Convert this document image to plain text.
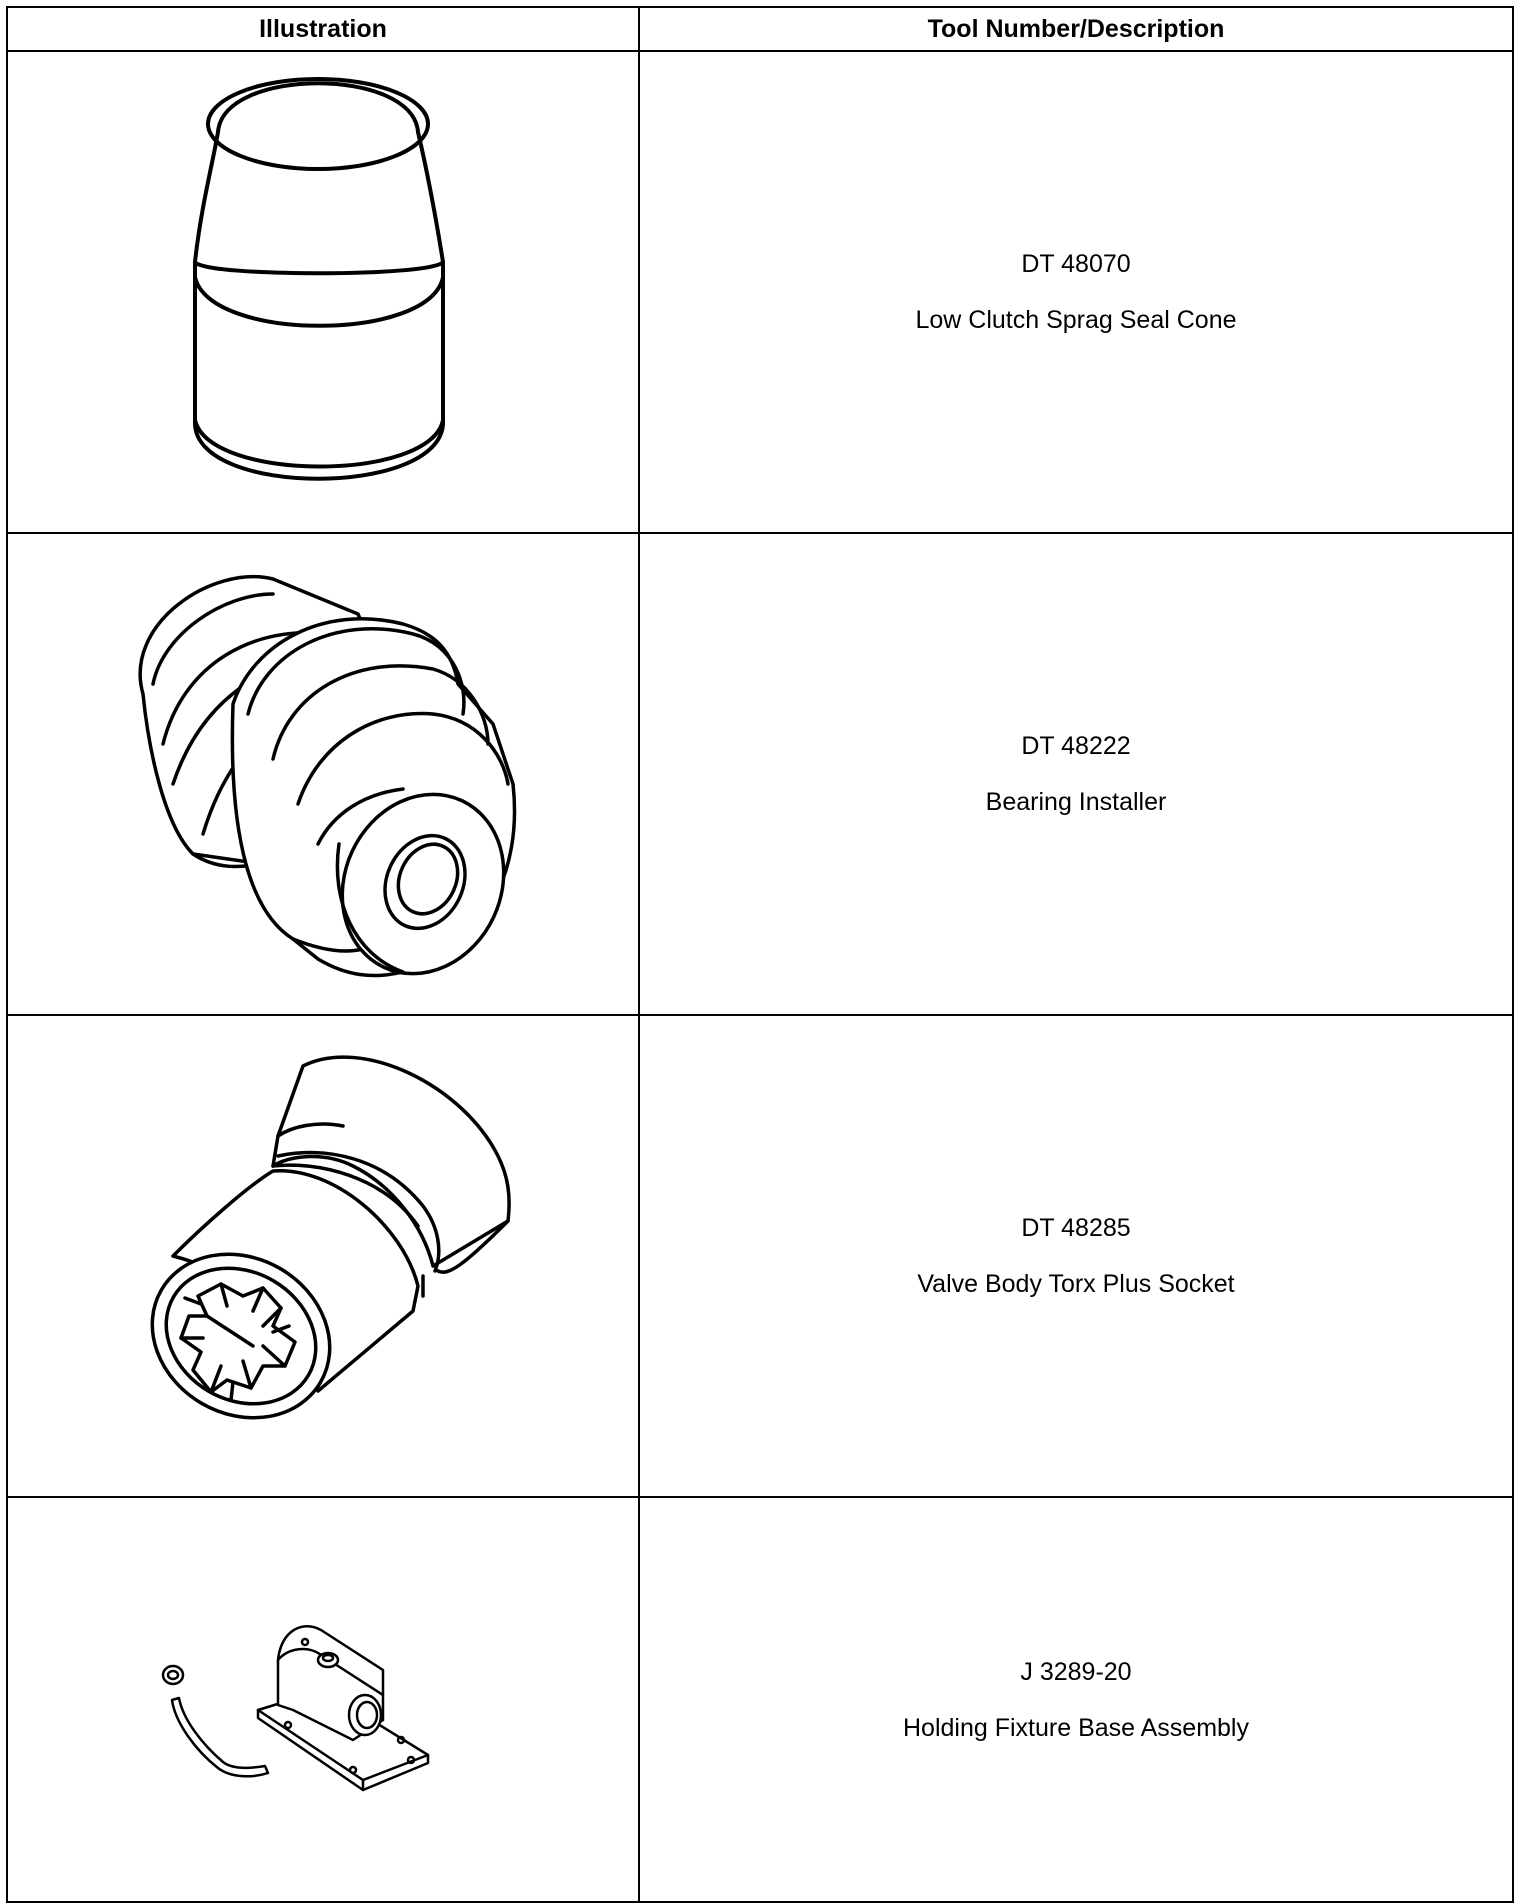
Illustration	Tool Number/Description

DT 48070
Low Clutch Sprag Seal Cone

DT 48222
Bearing Installer

DT 48285
Valve Body Torx Plus Socket

J 3289-20
Holding Fixture Base Assembly
